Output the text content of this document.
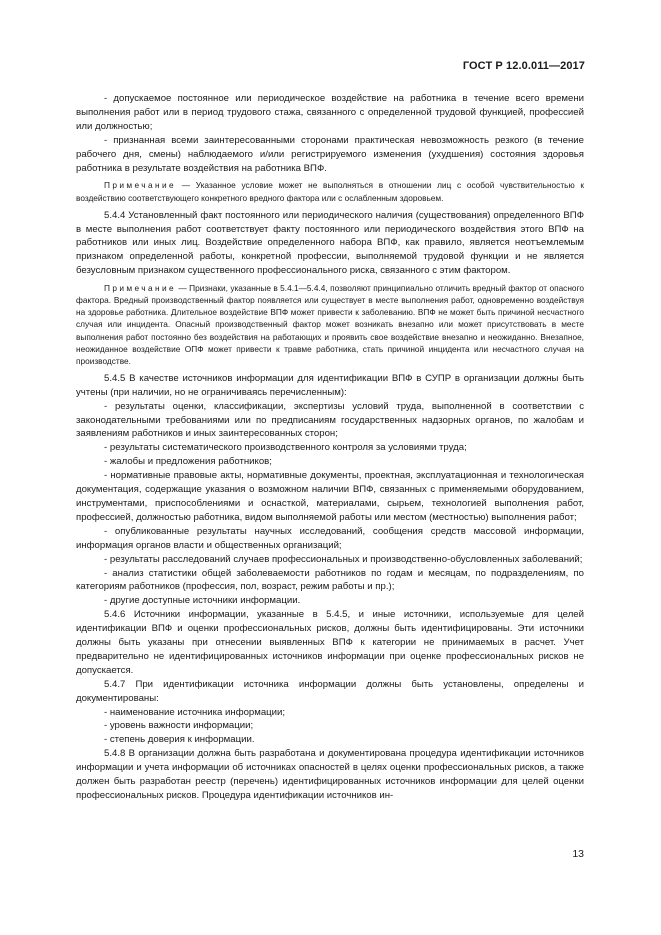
ГОСТ Р 12.0.011—2017

- допускаемое постоянное или периодическое воздействие на работника в течение всего времени выполнения работ или в период трудового стажа, связанного с определенной трудовой функцией, профессией или должностью;

- признанная всеми заинтересованными сторонами практическая невозможность резкого (в течение рабочего дня, смены) наблюдаемого и/или регистрируемого изменения (ухудшения) состояния здоровья работника в результате воздействия на работника ВПФ.

Примечание — Указанное условие может не выполняться в отношении лиц с особой чувствительностью к воздействию соответствующего конкретного вредного фактора или с ослабленным здоровьем.

5.4.4 Установленный факт постоянного или периодического наличия (существования) определенного ВПФ в месте выполнения работ соответствует факту постоянного или периодического воздействия этого ВПФ на работников или иных лиц. Воздействие определенного набора ВПФ, как правило, является неотъемлемым признаком определенной работы, конкретной профессии, выполняемой трудовой функции и не является безусловным признаком существенного профессионального риска, связанного с этим фактором.

Примечание — Признаки, указанные в 5.4.1—5.4.4, позволяют принципиально отличить вредный фактор от опасного фактора. Вредный производственный фактор появляется или существует в месте выполнения работ, одновременно воздействуя на здоровье работника. Длительное воздействие ВПФ может привести к заболеванию. ВПФ не может быть причиной несчастного случая или инцидента. Опасный производственный фактор может возникать внезапно или может присутствовать в месте выполнения работ постоянно без воздействия на работающих и проявить свое воздействие внезапно и неожиданно. Внезапное, неожиданное воздействие ОПФ может привести к травме работника, стать причиной инцидента или несчастного случая на производстве.

5.4.5 В качестве источников информации для идентификации ВПФ в СУПР в организации должны быть учтены (при наличии, но не ограничиваясь перечисленным):

- результаты оценки, классификации, экспертизы условий труда, выполненной в соответствии с законодательными требованиями или по предписаниям государственных надзорных органов, по жалобам и заявлениям работников и иных заинтересованных сторон;

- результаты систематического производственного контроля за условиями труда;

- жалобы и предложения работников;

- нормативные правовые акты, нормативные документы, проектная, эксплуатационная и технологическая документация, содержащие указания о возможном наличии ВПФ, связанных с применяемыми оборудованием, инструментами, приспособлениями и оснасткой, материалами, сырьем, технологией выполнения работ, профессией, должностью работника, видом выполняемой работы или местом (местностью) выполнения работ;

- опубликованные результаты научных исследований, сообщения средств массовой информации, информация органов власти и общественных организаций;

- результаты расследований случаев профессиональных и производственно-обусловленных заболеваний;

- анализ статистики общей заболеваемости работников по годам и месяцам, по подразделениям, по категориям работников (профессия, пол, возраст, режим работы и пр.);

- другие доступные источники информации.

5.4.6 Источники информации, указанные в 5.4.5, и иные источники, используемые для целей идентификации ВПФ и оценки профессиональных рисков, должны быть идентифицированы. Эти источники должны быть указаны при отнесении выявленных ВПФ к категории не принимаемых в расчет. Учет предварительно не идентифицированных источников информации при оценке профессиональных рисков не допускается.

5.4.7 При идентификации источника информации должны быть установлены, определены и документированы:

- наименование источника информации;

- уровень важности информации;

- степень доверия к информации.

5.4.8 В организации должна быть разработана и документирована процедура идентификации источников информации и учета информации об источниках опасностей в целях оценки профессиональных рисков, а также должен быть разработан реестр (перечень) идентифицированных источников информации для целей оценки профессиональных рисков. Процедура идентификации источников ин-

13
